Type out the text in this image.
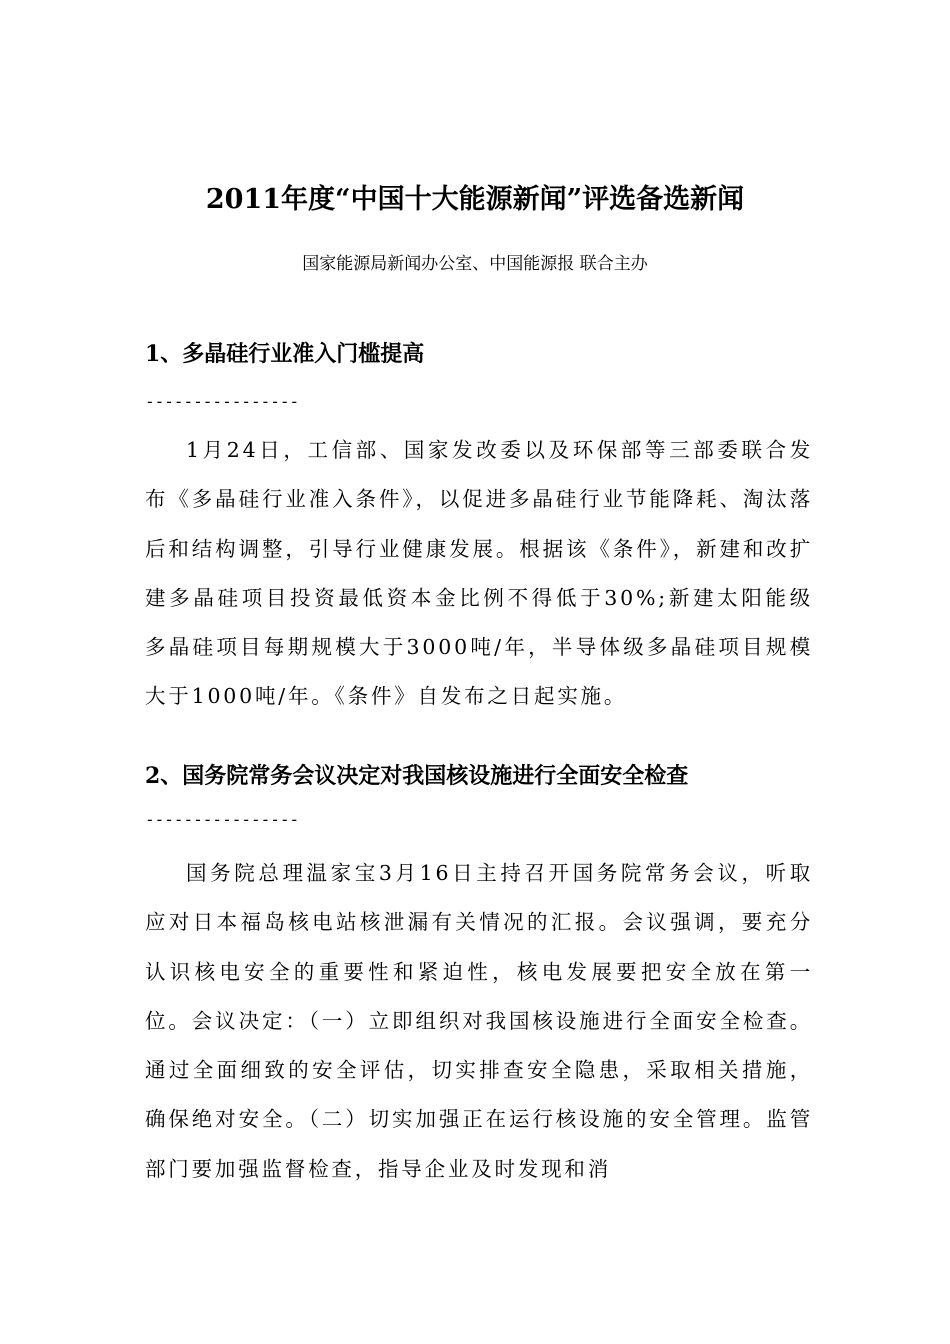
2011年度“中国十大能源新闻”评选备选新闻
国家能源局新闻办公室、中国能源报 联合主办
1、多晶硅行业准入门槛提高
----------------

1月24日，工信部、国家发改委以及环保部等三部委联合发布《多晶硅行业准入条件》，以促进多晶硅行业节能降耗、淘汰落后和结构调整，引导行业健康发展。根据该《条件》，新建和改扩建多晶硅项目投资最低资本金比例不得低于30%;新建太阳能级多晶硅项目每期规模大于3000吨/年，半导体级多晶硅项目规模大于1000吨/年。《条件》自发布之日起实施。

2、国务院常务会议决定对我国核设施进行全面安全检查
----------------

国务院总理温家宝3月16日主持召开国务院常务会议，听取应对日本福岛核电站核泄漏有关情况的汇报。会议强调，要充分认识核电安全的重要性和紧迫性，核电发展要把安全放在第一位。会议决定：（一）立即组织对我国核设施进行全面安全检查。通过全面细致的安全评估，切实排查安全隐患，采取相关措施，确保绝对安全。（二）切实加强正在运行核设施的安全管理。监管部门要加强监督检查，指导企业及时发现和消
